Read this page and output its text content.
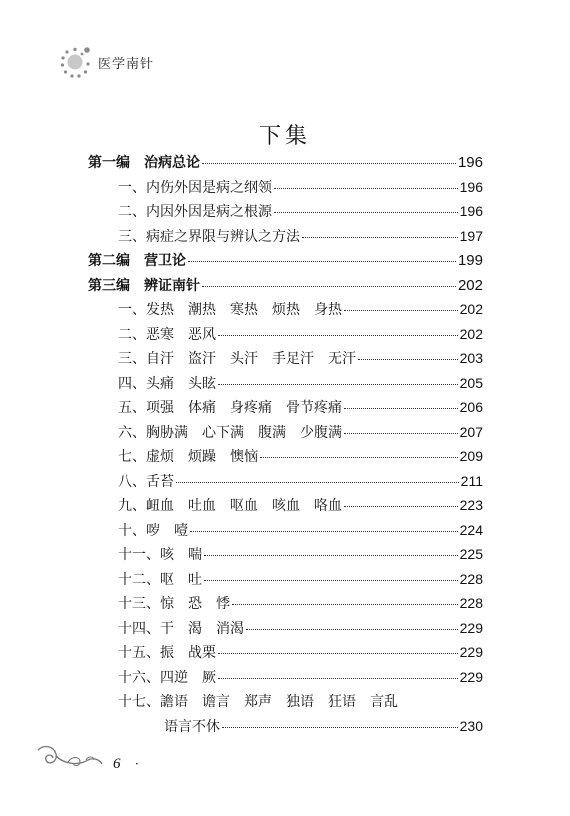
医学南针
下集
第一编　治病总论	196
一、内伤外因是病之纲领	196
二、内因外因是病之根源	196
三、病症之界限与辨认之方法	197
第二编　营卫论	199
第三编　辨证南针	202
一、发热　潮热　寒热　烦热　身热	202
二、恶寒　恶风	202
三、自汗　盗汗　头汗　手足汗　无汗	203
四、头痛　头眩	205
五、项强　体痛　身疼痛　骨节疼痛	206
六、胸胁满　心下满　腹满　少腹满	207
七、虚烦　烦躁　懊恼	209
八、舌苔	211
九、衄血　吐血　呕血　咳血　咯血	223
十、哕　噎	224
十一、咳　喘	225
十二、呕　吐	228
十三、惊　恐　悸	228
十四、干　渴　消渴	229
十五、振　战栗	229
十六、四逆　厥	229
十七、譫语　谵言　郑声　独语　狂语　言乱
语言不休	230
6 ·
